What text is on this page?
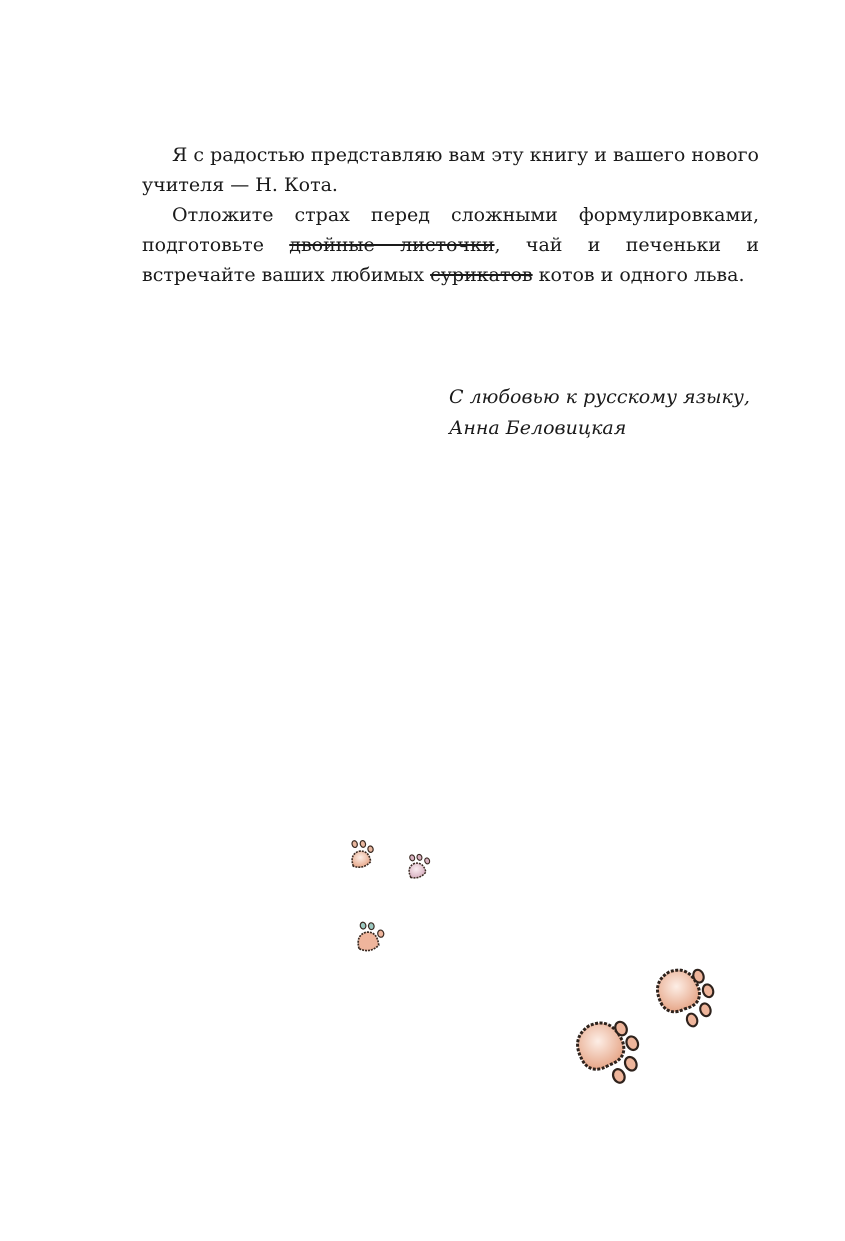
Я с радостью представляю вам эту книгу и вашего нового учителя — Н. Кота.

Отложите страх перед сложными формулировками, подготовьте двойные листочки, чай и печеньки и встречайте ваших любимых сурикатов котов и одного льва.

С любовью к русскому языку,
Анна Беловицкая
